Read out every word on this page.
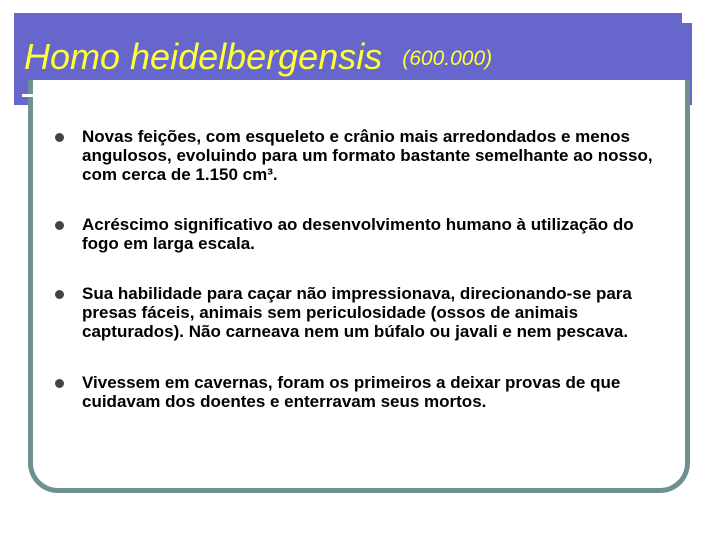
Homo heidelbergensis (600.000)
Novas feições, com esqueleto e crânio mais arredondados e menos angulosos, evoluindo para um formato bastante semelhante ao nosso, com cerca de 1.150 cm³.
Acréscimo significativo ao desenvolvimento humano à utilização do fogo em larga escala.
Sua habilidade para caçar não impressionava, direcionando-se para presas fáceis, animais sem periculosidade (ossos de animais capturados). Não carneava nem um búfalo ou javali e nem pescava.
Vivessem em cavernas, foram os primeiros a deixar provas de que cuidavam dos doentes e enterravam seus mortos.
